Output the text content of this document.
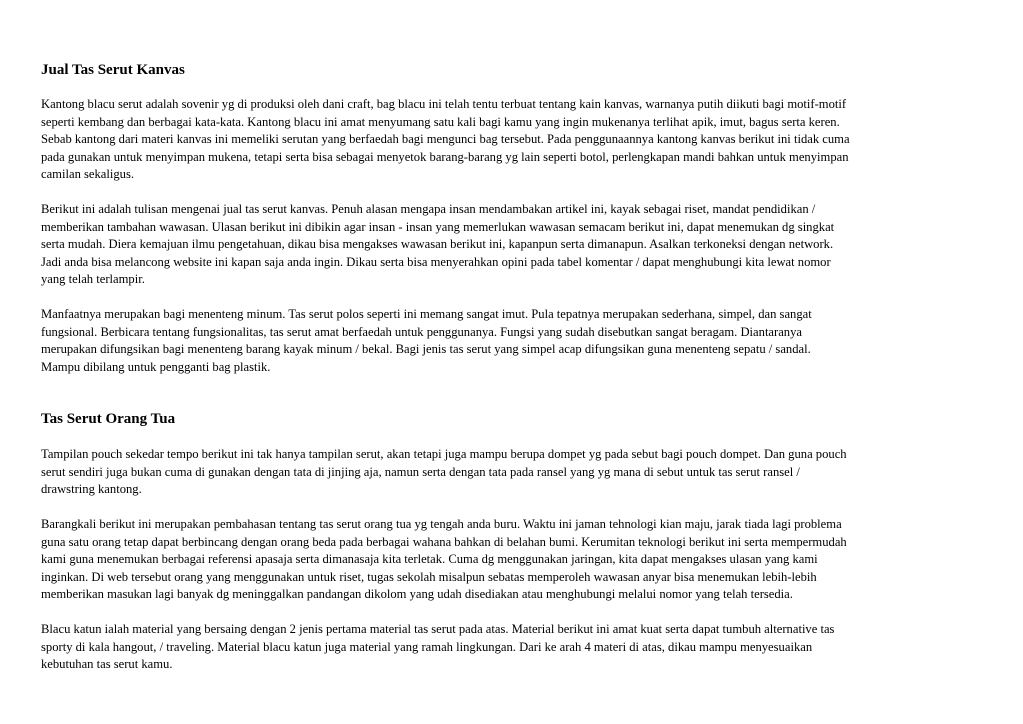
Jual Tas Serut Kanvas

Kantong blacu serut adalah sovenir yg di produksi oleh dani craft, bag blacu ini telah tentu terbuat tentang kain kanvas, warnanya putih diikuti bagi motif-motif
seperti kembang dan berbagai kata-kata. Kantong blacu ini amat menyumang satu kali bagi kamu yang ingin mukenanya terlihat apik, imut, bagus serta keren.
Sebab kantong dari materi kanvas ini memeliki serutan yang berfaedah bagi mengunci bag tersebut. Pada penggunaannya kantong kanvas berikut ini tidak cuma
pada gunakan untuk menyimpan mukena, tetapi serta bisa sebagai menyetok barang-barang yg lain seperti botol, perlengkapan mandi bahkan untuk menyimpan
camilan sekaligus.

Berikut ini adalah tulisan mengenai jual tas serut kanvas. Penuh alasan mengapa insan mendambakan artikel ini, kayak sebagai riset, mandat pendidikan /
memberikan tambahan wawasan. Ulasan berikut ini dibikin agar insan - insan yang memerlukan wawasan semacam berikut ini, dapat menemukan dg singkat
serta mudah. Diera kemajuan ilmu pengetahuan, dikau bisa mengakses wawasan berikut ini, kapanpun serta dimanapun. Asalkan terkoneksi dengan network.
Jadi anda bisa melancong website ini kapan saja anda ingin. Dikau serta bisa menyerahkan opini pada tabel komentar / dapat menghubungi kita lewat nomor
yang telah terlampir.

Manfaatnya merupakan bagi menenteng minum. Tas serut polos seperti ini memang sangat imut. Pula tepatnya merupakan sederhana, simpel, dan sangat
fungsional. Berbicara tentang fungsionalitas, tas serut amat berfaedah untuk penggunanya. Fungsi yang sudah disebutkan sangat beragam. Diantaranya
merupakan difungsikan bagi menenteng barang kayak minum / bekal. Bagi jenis tas serut yang simpel acap difungsikan guna menenteng sepatu / sandal.
Mampu dibilang untuk pengganti bag plastik.

Tas Serut Orang Tua

Tampilan pouch sekedar tempo berikut ini tak hanya tampilan serut, akan tetapi juga mampu berupa dompet yg pada sebut bagi pouch dompet. Dan guna pouch
serut sendiri juga bukan cuma di gunakan dengan tata di jinjing aja, namun serta dengan tata pada ransel yang yg mana di sebut untuk tas serut ransel /
drawstring kantong.

Barangkali berikut ini merupakan pembahasan tentang tas serut orang tua yg tengah anda buru. Waktu ini jaman tehnologi kian maju, jarak tiada lagi problema
guna satu orang tetap dapat berbincang dengan orang beda pada berbagai wahana bahkan di belahan bumi. Kerumitan teknologi berikut ini serta mempermudah
kami guna menemukan berbagai referensi apasaja serta dimanasaja kita terletak. Cuma dg menggunakan jaringan, kita dapat mengakses ulasan yang kami
inginkan. Di web tersebut orang yang menggunakan untuk riset, tugas sekolah misalpun sebatas memperoleh wawasan anyar bisa menemukan lebih-lebih
memberikan masukan lagi banyak dg meninggalkan pandangan dikolom yang udah disediakan atau menghubungi melalui nomor yang telah tersedia.

Blacu katun ialah material yang bersaing dengan 2 jenis pertama material tas serut pada atas. Material berikut ini amat kuat serta dapat tumbuh alternative tas
sporty di kala hangout, / traveling. Material blacu katun juga material yang ramah lingkungan. Dari ke arah 4 materi di atas, dikau mampu menyesuaikan
kebutuhan tas serut kamu.
